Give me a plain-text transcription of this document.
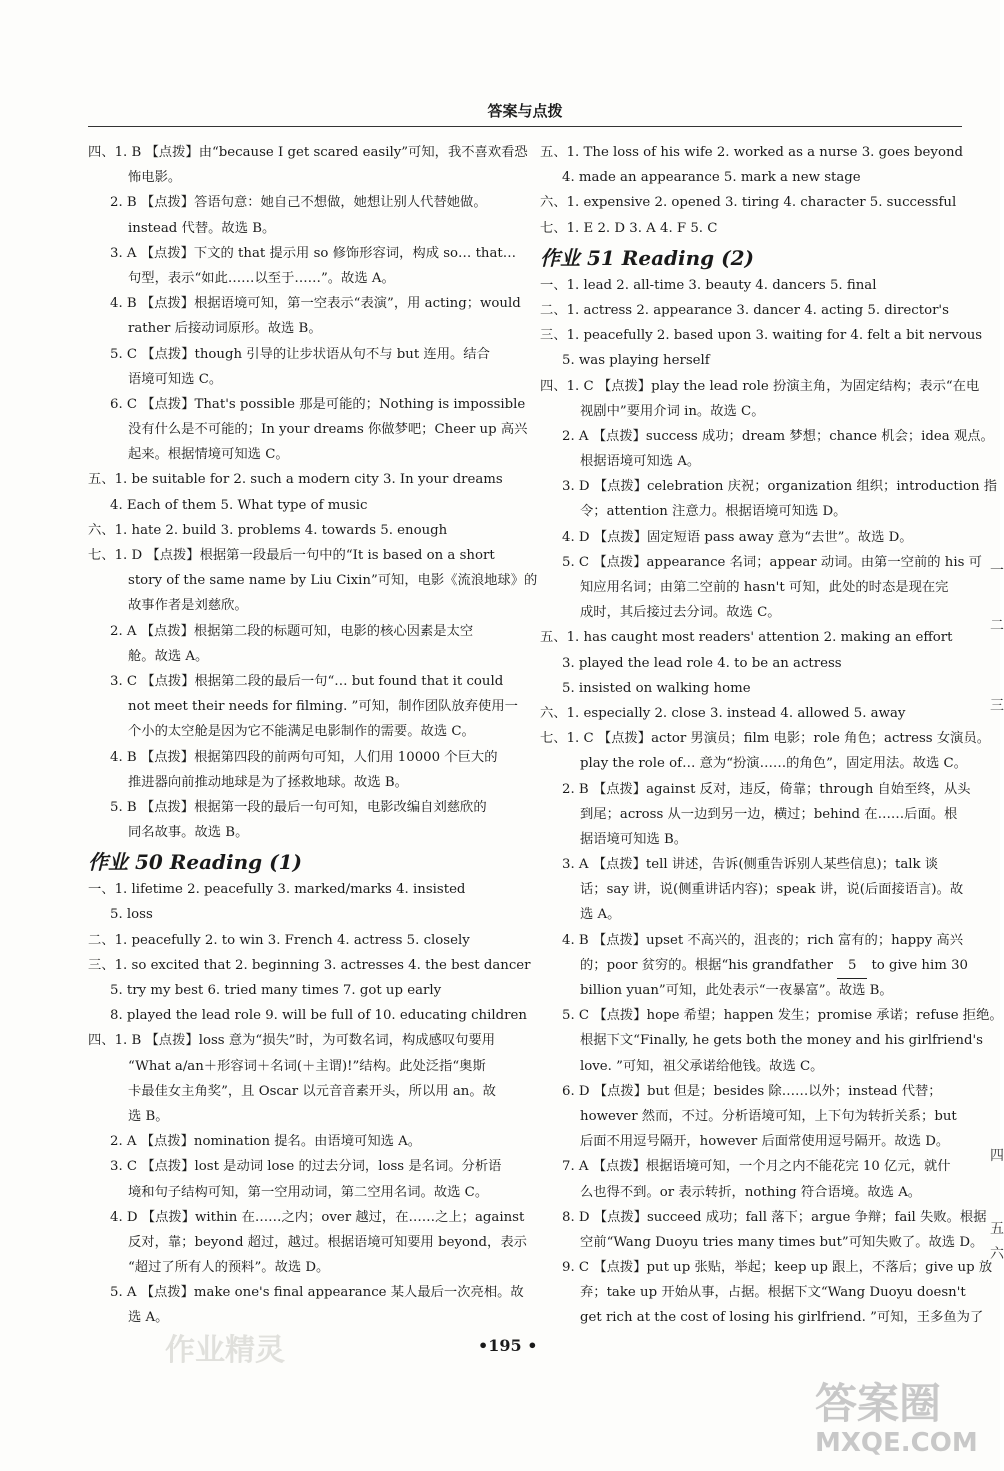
答案与点拨
四、1. B 【点拨】由“because I get scared easily”可知，我不喜欢看恐
怖电影。
2. B 【点拨】答语句意：她自己不想做，她想让别人代替她做。
instead 代替。故选 B。
3. A 【点拨】下文的 that 提示用 so 修饰形容词，构成 so… that…
句型，表示“如此……以至于……”。故选 A。
4. B 【点拨】根据语境可知，第一空表示“表演”，用 acting；would
rather 后接动词原形。故选 B。
5. C 【点拨】though 引导的让步状语从句不与 but 连用。结合
语境可知选 C。
6. C 【点拨】That's possible 那是可能的；Nothing is impossible
没有什么是不可能的；In your dreams 你做梦吧；Cheer up 高兴
起来。根据情境可知选 C。
五、1. be suitable for 2. such a modern city 3. In your dreams
4. Each of them 5. What type of music
六、1. hate 2. build 3. problems 4. towards 5. enough
七、1. D 【点拨】根据第一段最后一句中的“It is based on a short
story of the same name by Liu Cixin”可知，电影《流浪地球》的
故事作者是刘慈欣。
2. A 【点拨】根据第二段的标题可知，电影的核心因素是太空
舱。故选 A。
3. C 【点拨】根据第二段的最后一句“… but found that it could
not meet their needs for filming. ”可知，制作团队放弃使用一
个小的太空舱是因为它不能满足电影制作的需要。故选 C。
4. B 【点拨】根据第四段的前两句可知，人们用 10000 个巨大的
推进器向前推动地球是为了拯救地球。故选 B。
5. B 【点拨】根据第一段的最后一句可知，电影改编自刘慈欣的
同名故事。故选 B。
作业 50 Reading (1)
一、1. lifetime 2. peacefully 3. marked/marks 4. insisted
5. loss
二、1. peacefully 2. to win 3. French 4. actress 5. closely
三、1. so excited that 2. beginning 3. actresses 4. the best dancer
5. try my best 6. tried many times 7. got up early
8. played the lead role 9. will be full of 10. educating children
四、1. B 【点拨】loss 意为“损失”时，为可数名词，构成感叹句要用
“What a/an＋形容词＋名词(＋主谓)!”结构。此处泛指“奥斯
卡最佳女主角奖”，且 Oscar 以元音音素开头，所以用 an。故
选 B。
2. A 【点拨】nomination 提名。由语境可知选 A。
3. C 【点拨】lost 是动词 lose 的过去分词，loss 是名词。分析语
境和句子结构可知，第一空用动词，第二空用名词。故选 C。
4. D 【点拨】within 在……之内；over 越过，在……之上；against
反对，靠；beyond 超过，越过。根据语境可知要用 beyond，表示
“超过了所有人的预料”。故选 D。
5. A 【点拨】make one's final appearance 某人最后一次亮相。故
选 A。
五、1. The loss of his wife 2. worked as a nurse 3. goes beyond
4. made an appearance 5. mark a new stage
六、1. expensive 2. opened 3. tiring 4. character 5. successful
七、1. E 2. D 3. A 4. F 5. C
作业 51 Reading (2)
一、1. lead 2. all-time 3. beauty 4. dancers 5. final
二、1. actress 2. appearance 3. dancer 4. acting 5. director's
三、1. peacefully 2. based upon 3. waiting for 4. felt a bit nervous
5. was playing herself
四、1. C 【点拨】play the lead role 扮演主角，为固定结构；表示“在电
视剧中”要用介词 in。故选 C。
2. A 【点拨】success 成功；dream 梦想；chance 机会；idea 观点。
根据语境可知选 A。
3. D 【点拨】celebration 庆祝；organization 组织；introduction 指
令；attention 注意力。根据语境可知选 D。
4. D 【点拨】固定短语 pass away 意为“去世”。故选 D。
5. C 【点拨】appearance 名词；appear 动词。由第一空前的 his 可
知应用名词；由第二空前的 hasn't 可知，此处的时态是现在完
成时，其后接过去分词。故选 C。
五、1. has caught most readers' attention 2. making an effort
3. played the lead role 4. to be an actress
5. insisted on walking home
六、1. especially 2. close 3. instead 4. allowed 5. away
七、1. C 【点拨】actor 男演员；film 电影；role 角色；actress 女演员。
play the role of… 意为“扮演……的角色”，固定用法。故选 C。
2. B 【点拨】against 反对，违反，倚靠；through 自始至终，从头
到尾；across 从一边到另一边，横过；behind 在……后面。根
据语境可知选 B。
3. A 【点拨】tell 讲述，告诉(侧重告诉别人某些信息)；talk 谈
话；say 讲，说(侧重讲话内容)；speak 讲，说(后面接语言)。故
选 A。
4. B 【点拨】upset 不高兴的，沮丧的；rich 富有的；happy 高兴
的；poor 贫穷的。根据“his grandfather 5 to give him 30
billion yuan”可知，此处表示“一夜暴富”。故选 B。
5. C 【点拨】hope 希望；happen 发生；promise 承诺；refuse 拒绝。
根据下文“Finally, he gets both the money and his girlfriend's
love. ”可知，祖父承诺给他钱。故选 C。
6. D 【点拨】but 但是；besides 除……以外；instead 代替；
however 然而，不过。分析语境可知，上下句为转折关系；but
后面不用逗号隔开，however 后面常使用逗号隔开。故选 D。
7. A 【点拨】根据语境可知，一个月之内不能花完 10 亿元，就什
么也得不到。or 表示转折，nothing 符合语境。故选 A。
8. D 【点拨】succeed 成功；fall 落下；argue 争辩；fail 失败。根据
空前“Wang Duoyu tries many times but”可知失败了。故选 D。
9. C 【点拨】put up 张贴，举起；keep up 跟上，不落后；give up 放
弃；take up 开始从事，占据。根据下文“Wang Duoyu doesn't
get rich at the cost of losing his girlfriend. ”可知，王多鱼为了
•195 •
作业精灵
答案圈
MXQE.COM
一
二
三
四
五
六
